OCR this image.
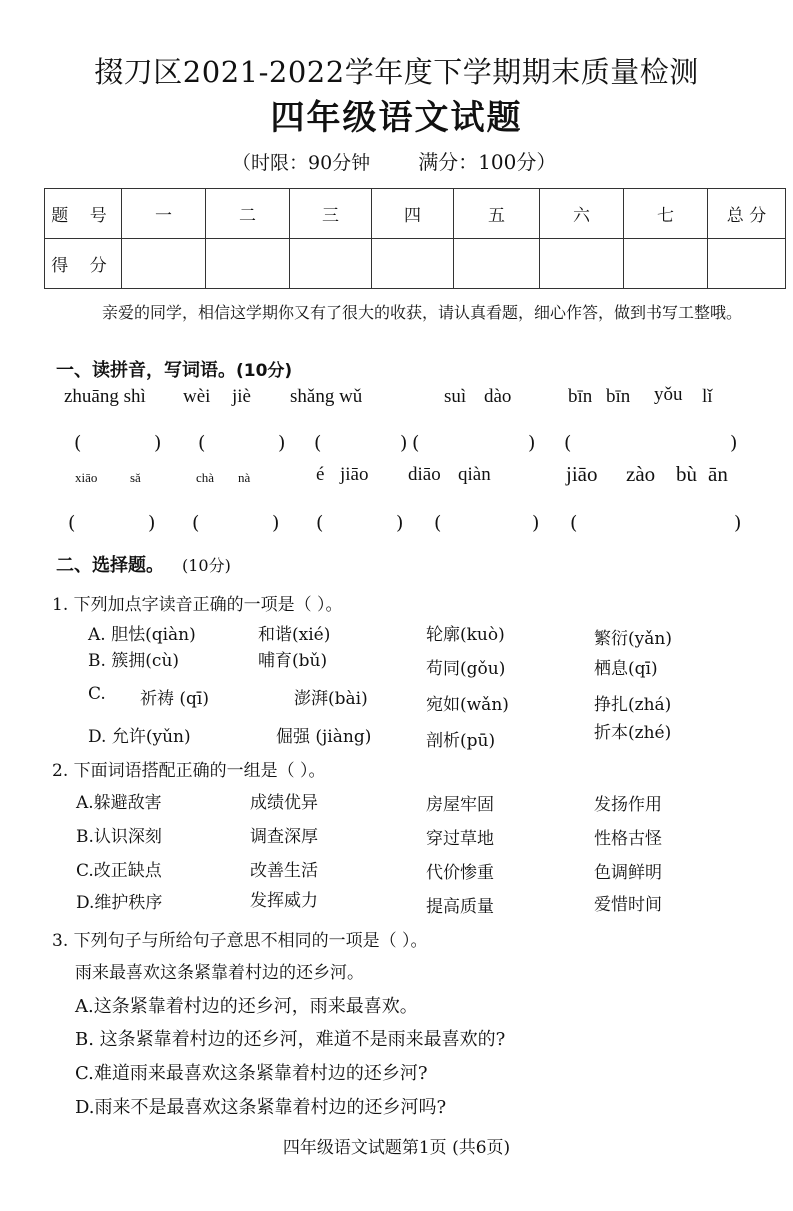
掇刀区2021-2022学年度下学期期末质量检测
四年级语文试题
（时限：90分钟 满分：100分）
题 号	一	二	三	四	五	六	七	总 分
得 分								
亲爱的同学，相信这学期你又有了很大的收获，请认真看题，细心作答，做到书写工整哦。
一、读拼音，写词语。(10分)
zhuāng shì wèi jiè shǎng wǔ	suì dào	bīn bīn yǒu lǐ
(	) (	) (	) (	) (	)
xiāo	sǎ	chà nà	é jiāo diāo qiàn	jiāo zào bù ān
(	) (	) (	) (	) (	)
二、选择题。 (10分)
1. 下列加点字读音正确的一项是（ ）。
A. 胆怯(qiàn)	和谐(xié)	轮廓(kuò)	繁衍(yǎn)
B. 簇拥(cù)	哺育(bǔ)	苟同(gǒu)	栖息(qī)
C. 祈祷 (qī)	澎湃(bài)	宛如(wǎn)	挣扎(zhá)
D. 允许(yǔn)	倔强 (jiàng)	剖析(pū)	折本(zhé)
2. 下面词语搭配正确的一组是（ ）。
A.躲避敌害	成绩优异	房屋牢固	发扬作用
B.认识深刻	调查深厚	穿过草地	性格古怪
C.改正缺点	改善生活	代价惨重	色调鲜明
D.维护秩序	发挥威力	提高质量	爱惜时间
3. 下列句子与所给句子意思不相同的一项是（ ）。
雨来最喜欢这条紧靠着村边的还乡河。
A.这条紧靠着村边的还乡河，雨来最喜欢。
B. 这条紧靠着村边的还乡河，难道不是雨来最喜欢的?
C.难道雨来最喜欢这条紧靠着村边的还乡河?
D.雨来不是最喜欢这条紧靠着村边的还乡河吗?
四年级语文试题第1页 (共6页)
